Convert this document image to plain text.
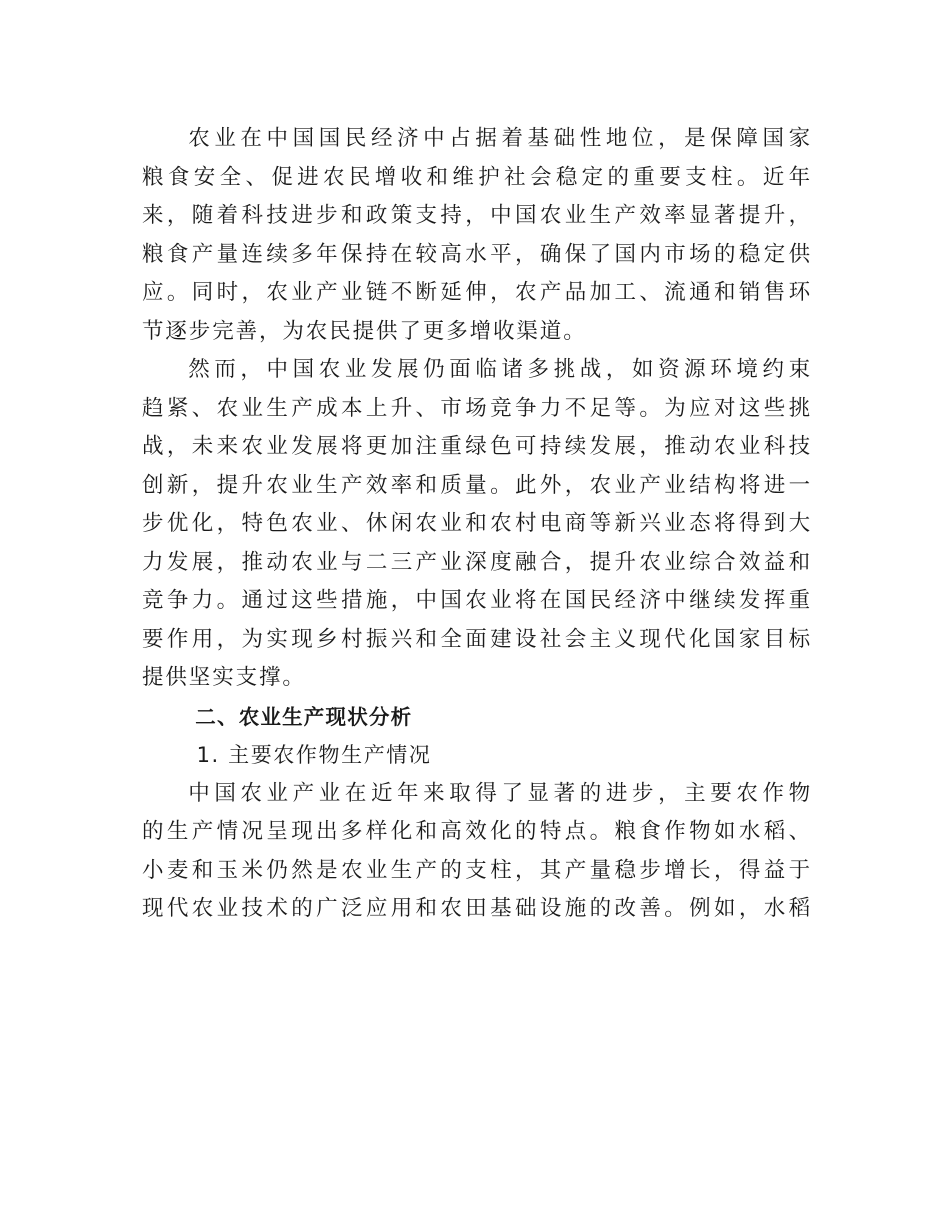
农业在中国国民经济中占据着基础性地位，是保障国家
粮食安全、促进农民增收和维护社会稳定的重要支柱。近年
来，随着科技进步和政策支持，中国农业生产效率显著提升，
粮食产量连续多年保持在较高水平，确保了国内市场的稳定供
应。同时，农业产业链不断延伸，农产品加工、流通和销售环
节逐步完善，为农民提供了更多增收渠道。

然而，中国农业发展仍面临诸多挑战，如资源环境约束
趋紧、农业生产成本上升、市场竞争力不足等。为应对这些挑
战，未来农业发展将更加注重绿色可持续发展，推动农业科技
创新，提升农业生产效率和质量。此外，农业产业结构将进一
步优化，特色农业、休闲农业和农村电商等新兴业态将得到大
力发展，推动农业与二三产业深度融合，提升农业综合效益和
竞争力。通过这些措施，中国农业将在国民经济中继续发挥重
要作用，为实现乡村振兴和全面建设社会主义现代化国家目标
提供坚实支撑。

二、农业生产现状分析

1. 主要农作物生产情况

中国农业产业在近年来取得了显著的进步，主要农作物
的生产情况呈现出多样化和高效化的特点。粮食作物如水稻、
小麦和玉米仍然是农业生产的支柱，其产量稳步增长，得益于
现代农业技术的广泛应用和农田基础设施的改善。例如，水稻
